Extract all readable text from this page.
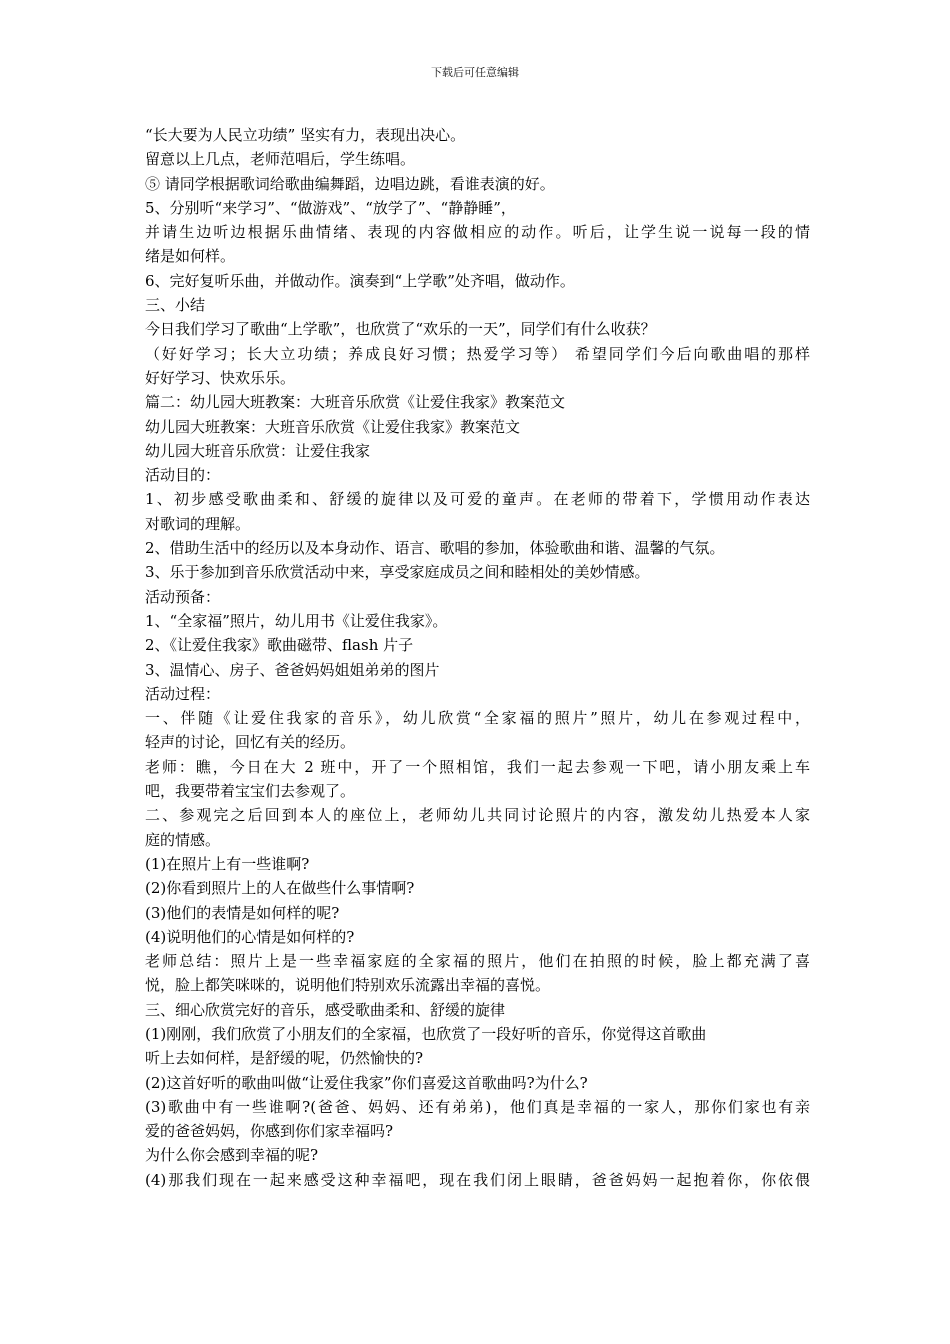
下载后可任意编辑
“长大要为人民立功绩” 坚实有力，表现出决心。
留意以上几点，老师范唱后，学生练唱。
⑤ 请同学根据歌词给歌曲编舞蹈，边唱边跳，看谁表演的好。
5、分别听“来学习”、“做游戏”、“放学了”、“静静睡”，
并请生边听边根据乐曲情绪、表现的内容做相应的动作。听后，让学生说一说每一段的情
绪是如何样。
6、完好复听乐曲，并做动作。演奏到“上学歌”处齐唱，做动作。
三、小结
今日我们学习了歌曲“上学歌”，也欣赏了“欢乐的一天”，同学们有什么收获？
（好好学习；长大立功绩；养成良好习惯；热爱学习等） 希望同学们今后向歌曲唱的那样
好好学习、快欢乐乐。
篇二：幼儿园大班教案：大班音乐欣赏《让爱住我家》教案范文
幼儿园大班教案：大班音乐欣赏《让爱住我家》教案范文
幼儿园大班音乐欣赏：让爱住我家
活动目的：
1、初步感受歌曲柔和、舒缓的旋律以及可爱的童声。在老师的带着下，学惯用动作表达
对歌词的理解。
2、借助生活中的经历以及本身动作、语言、歌唱的参加，体验歌曲和谐、温馨的气氛。
3、乐于参加到音乐欣赏活动中来，享受家庭成员之间和睦相处的美妙情感。
活动预备：
1、“全家福”照片，幼儿用书《让爱住我家》。
2、《让爱住我家》歌曲磁带、flash 片子
3、温情心、房子、爸爸妈妈姐姐弟弟的图片
活动过程：
一、伴随《让爱住我家的音乐》，幼儿欣赏“全家福的照片”照片，幼儿在参观过程中，
轻声的讨论，回忆有关的经历。
老师：瞧，今日在大 2 班中，开了一个照相馆，我们一起去参观一下吧，请小朋友乘上车
吧，我要带着宝宝们去参观了。
二、参观完之后回到本人的座位上，老师幼儿共同讨论照片的内容，激发幼儿热爱本人家
庭的情感。
(1)在照片上有一些谁啊?
(2)你看到照片上的人在做些什么事情啊?
(3)他们的表情是如何样的呢?
(4)说明他们的心情是如何样的?
老师总结：照片上是一些幸福家庭的全家福的照片，他们在拍照的时候，脸上都充满了喜
悦，脸上都笑咪咪的，说明他们特别欢乐流露出幸福的喜悦。
三、细心欣赏完好的音乐，感受歌曲柔和、舒缓的旋律
(1)刚刚，我们欣赏了小朋友们的全家福，也欣赏了一段好听的音乐，你觉得这首歌曲
听上去如何样，是舒缓的呢，仍然愉快的?
(2)这首好听的歌曲叫做“让爱住我家”你们喜爱这首歌曲吗?为什么?
(3)歌曲中有一些谁啊?(爸爸、妈妈、还有弟弟)，他们真是幸福的一家人，那你们家也有亲
爱的爸爸妈妈，你感到你们家幸福吗?
为什么你会感到幸福的呢?
(4)那我们现在一起来感受这种幸福吧，现在我们闭上眼睛，爸爸妈妈一起抱着你，你依偎
